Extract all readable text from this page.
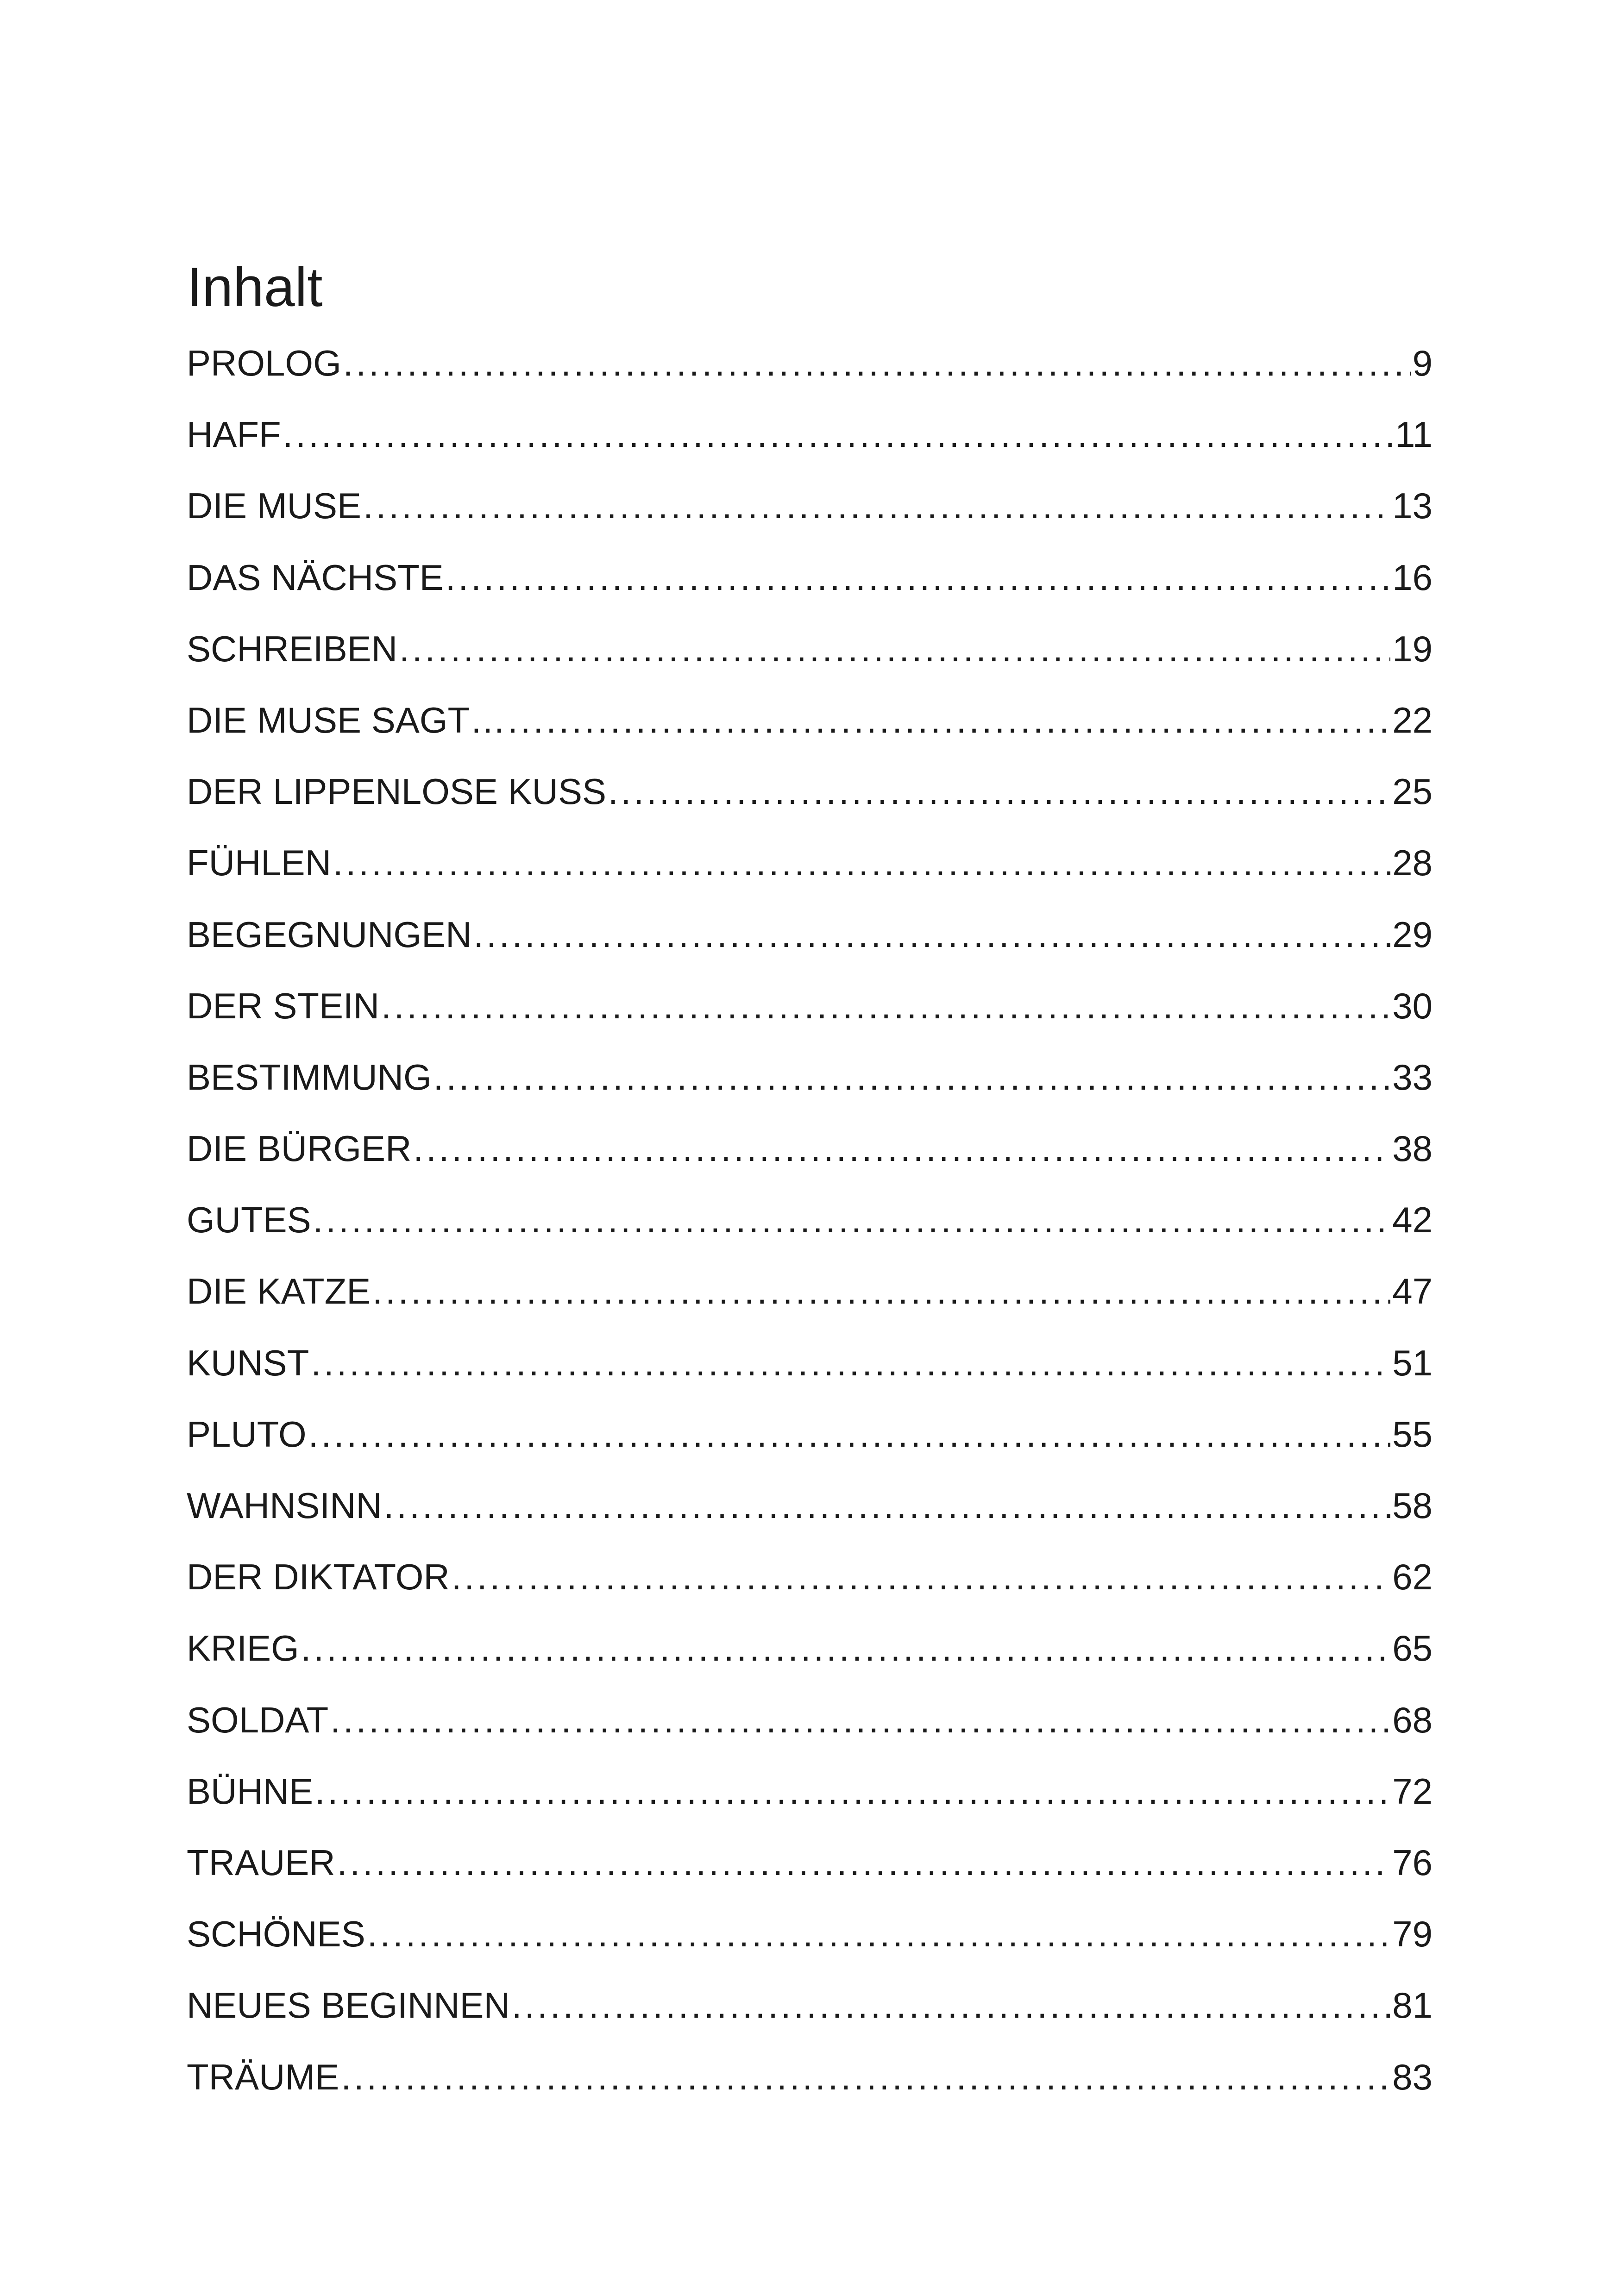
Inhalt
PROLOG .....	9
HAFF .....	11
DIE MUSE .....	13
DAS NÄCHSTE .....	16
SCHREIBEN .....	19
DIE MUSE SAGT… .....	22
DER LIPPENLOSE KUSS .....	25
FÜHLEN .....	28
BEGEGNUNGEN .....	29
DER STEIN .....	30
BESTIMMUNG .....	33
DIE BÜRGER .....	38
GUTES .....	42
DIE KATZE .....	47
KUNST .....	51
PLUTO .....	55
WAHNSINN .....	58
DER DIKTATOR .....	62
KRIEG .....	65
SOLDAT .....	68
BÜHNE .....	72
TRAUER .....	76
SCHÖNES .....	79
NEUES BEGINNEN .....	81
TRÄUME .....	83
